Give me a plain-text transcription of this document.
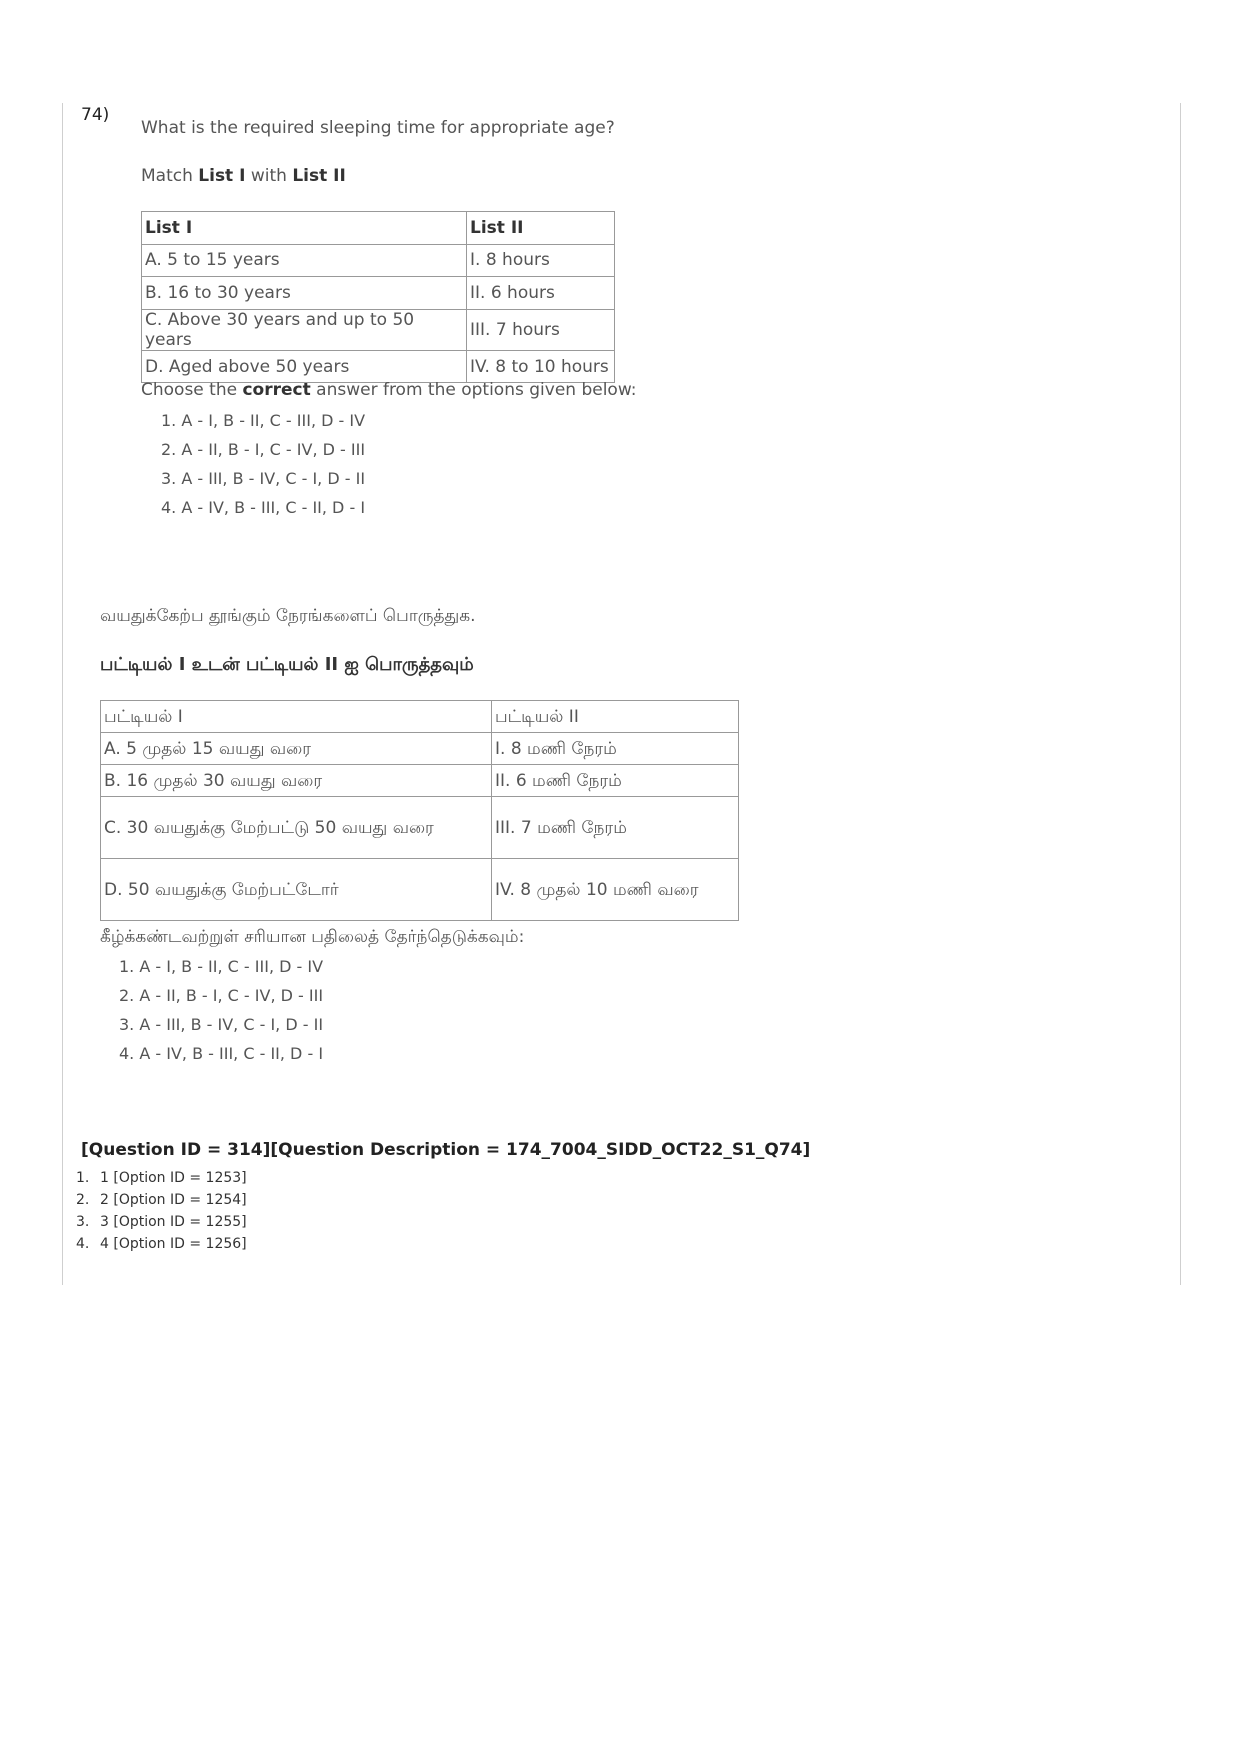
74)
What is the required sleeping time for appropriate age?
Match List I with List II
List I	List II
A. 5 to 15 years	I. 8 hours
B. 16 to 30 years	II. 6 hours
C. Above 30 years and up to 50 years	III. 7 hours
D. Aged above 50 years	IV. 8 to 10 hours
Choose the correct answer from the options given below:
1. A - I, B - II, C - III, D - IV
2. A - II, B - I, C - IV, D - III
3. A - III, B - IV, C - I, D - II
4. A - IV, B - III, C - II, D - I
வயதுக்கேற்ப தூங்கும் நேரங்களைப் பொருத்துக.
பட்டியல் I உடன் பட்டியல் II ஐ பொருத்தவும்
பட்டியல் I	பட்டியல் II
A. 5 முதல் 15 வயது வரை	I. 8 மணி நேரம்
B. 16 முதல் 30 வயது வரை	II. 6 மணி நேரம்
C. 30 வயதுக்கு மேற்பட்டு 50 வயது வரை	III. 7 மணி நேரம்
D. 50 வயதுக்கு மேற்பட்டோர்	IV. 8 முதல் 10 மணி வரை
கீழ்க்கண்டவற்றுள் சரியான பதிலைத் தேர்ந்தெடுக்கவும்:
1. A - I, B - II, C - III, D - IV
2. A - II, B - I, C - IV, D - III
3. A - III, B - IV, C - I, D - II
4. A - IV, B - III, C - II, D - I
[Question ID = 314][Question Description = 174_7004_SIDD_OCT22_S1_Q74]
1. 1 [Option ID = 1253]
2. 2 [Option ID = 1254]
3. 3 [Option ID = 1255]
4. 4 [Option ID = 1256]
